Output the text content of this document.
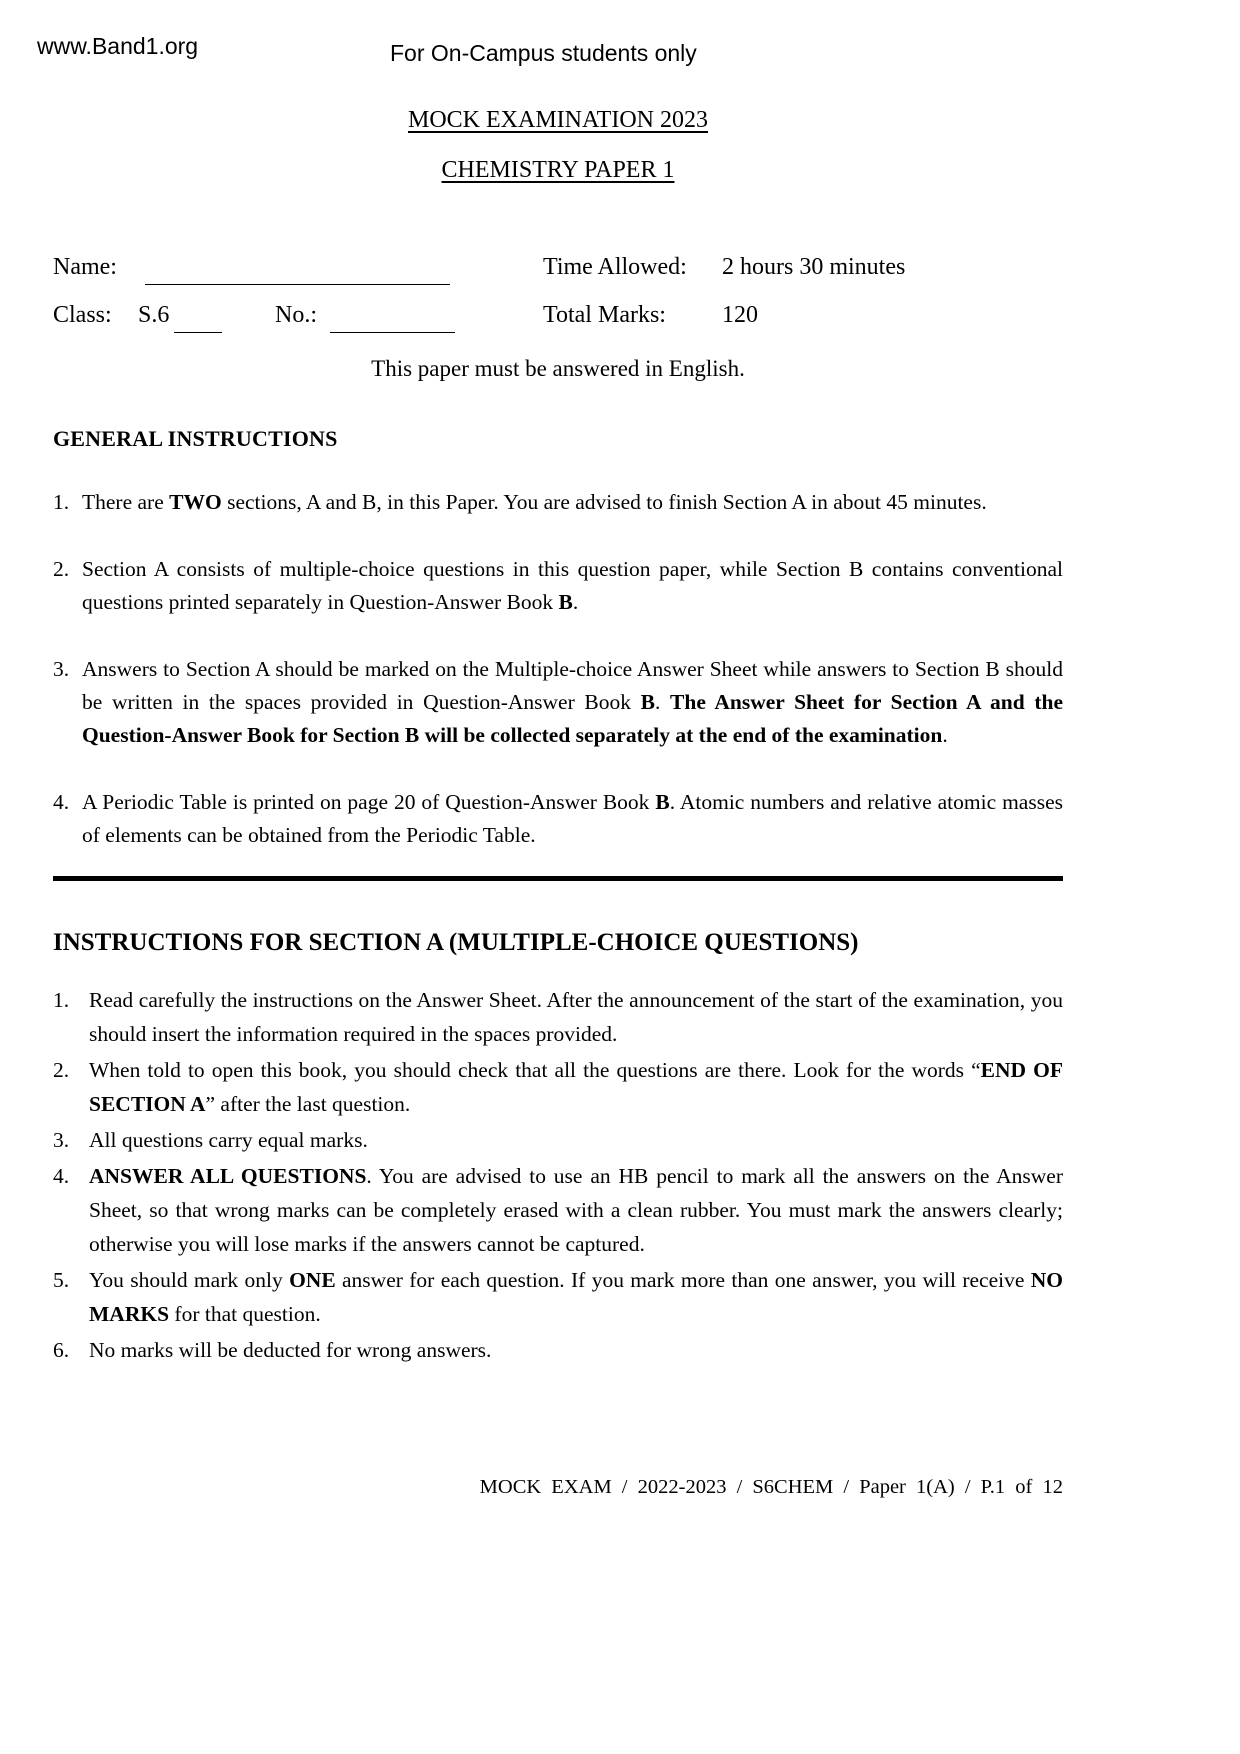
www.Band1.org	For On-Campus students only
MOCK EXAMINATION 2023
CHEMISTRY PAPER 1
Name:	Time Allowed: 2 hours 30 minutes
Class: S.6	No.:	Total Marks: 120
This paper must be answered in English.
GENERAL INSTRUCTIONS
1. There are TWO sections, A and B, in this Paper. You are advised to finish Section A in about 45 minutes.
2. Section A consists of multiple-choice questions in this question paper, while Section B contains conventional questions printed separately in Question-Answer Book B.
3. Answers to Section A should be marked on the Multiple-choice Answer Sheet while answers to Section B should be written in the spaces provided in Question-Answer Book B. The Answer Sheet for Section A and the Question-Answer Book for Section B will be collected separately at the end of the examination.
4. A Periodic Table is printed on page 20 of Question-Answer Book B. Atomic numbers and relative atomic masses of elements can be obtained from the Periodic Table.
INSTRUCTIONS FOR SECTION A (MULTIPLE-CHOICE QUESTIONS)
1. Read carefully the instructions on the Answer Sheet. After the announcement of the start of the examination, you should insert the information required in the spaces provided.
2. When told to open this book, you should check that all the questions are there. Look for the words “END OF SECTION A” after the last question.
3. All questions carry equal marks.
4. ANSWER ALL QUESTIONS. You are advised to use an HB pencil to mark all the answers on the Answer Sheet, so that wrong marks can be completely erased with a clean rubber. You must mark the answers clearly; otherwise you will lose marks if the answers cannot be captured.
5. You should mark only ONE answer for each question. If you mark more than one answer, you will receive NO MARKS for that question.
6. No marks will be deducted for wrong answers.
MOCK EXAM / 2022-2023 / S6CHEM / Paper 1(A) / P.1 of 12
